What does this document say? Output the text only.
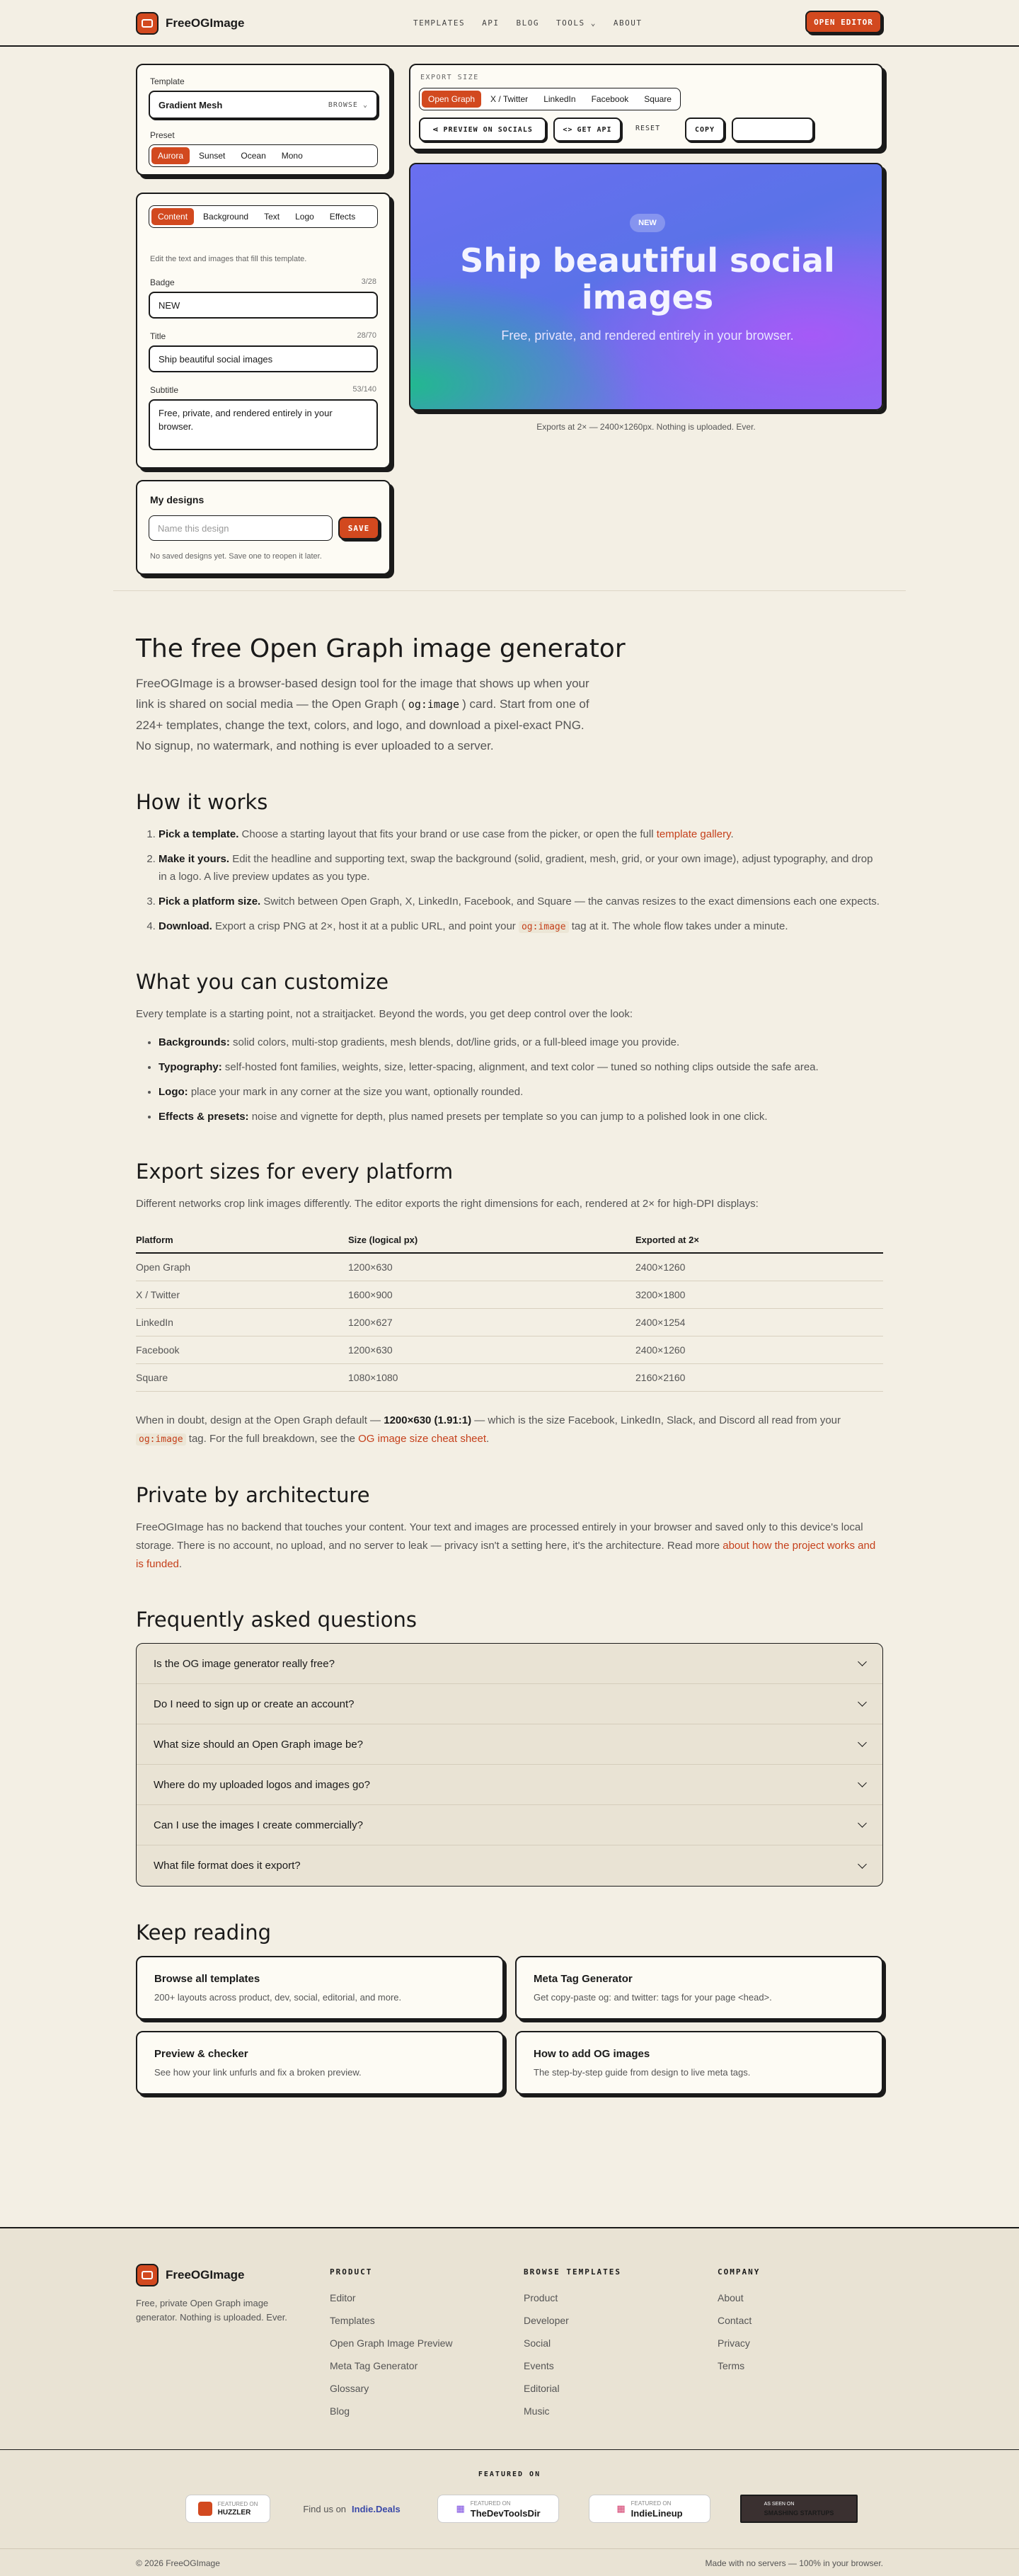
FreeOGImage	TEMPLATES API BLOG TOOLS ⌄ ABOUT	OPEN EDITOR
Template
Gradient Mesh	BROWSE ⌄
Preset
Aurora	Sunset	Ocean	Mono
Content	Background	Text	Logo	Effects
Edit the text and images that fill this template.
Badge	3/28
NEW
Title	28/70
Ship beautiful social images
Subtitle	53/140
Free, private, and rendered entirely in your browser.
My designs
Name this design	SAVE
No saved designs yet. Save one to reopen it later.
EXPORT SIZE
Open Graph	X / Twitter	LinkedIn	Facebook	Square
⋖ PREVIEW ON SOCIALS	<> GET API	RESET	COPY	DOWNLOAD PNG
NEW
Ship beautiful social images

Free, private, and rendered entirely in your browser.

Exports at 2× — 2400×1260px. Nothing is uploaded. Ever.
The free Open Graph image generator

FreeOGImage is a browser-based design tool for the image that shows up when your link is shared on social media — the Open Graph ( og:image ) card. Start from one of 224+ templates, change the text, colors, and logo, and download a pixel-exact PNG. No signup, no watermark, and nothing is ever uploaded to a server.

How it works
1. Pick a template. Choose a starting layout that fits your brand or use case from the picker, or open the full template gallery.
2. Make it yours. Edit the headline and supporting text, swap the background (solid, gradient, mesh, grid, or your own image), adjust typography, and drop in a logo. A live preview updates as you type.
3. Pick a platform size. Switch between Open Graph, X, LinkedIn, Facebook, and Square — the canvas resizes to the exact dimensions each one expects.
4. Download. Export a crisp PNG at 2×, host it at a public URL, and point your og:image tag at it. The whole flow takes under a minute.
What you can customize

Every template is a starting point, not a straitjacket. Beyond the words, you get deep control over the look:

• Backgrounds: solid colors, multi-stop gradients, mesh blends, dot/line grids, or a full-bleed image you provide.
• Typography: self-hosted font families, weights, size, letter-spacing, alignment, and text color — tuned so nothing clips outside the safe area.
• Logo: place your mark in any corner at the size you want, optionally rounded.
• Effects & presets: noise and vignette for depth, plus named presets per template so you can jump to a polished look in one click.
Export sizes for every platform

Different networks crop link images differently. The editor exports the right dimensions for each, rendered at 2× for high-DPI displays:

Platform	Size (logical px)	Exported at 2×
Open Graph	1200×630	2400×1260
X / Twitter	1600×900	3200×1800
LinkedIn	1200×627	2400×1254
Facebook	1200×630	2400×1260
Square	1080×1080	2160×2160

When in doubt, design at the Open Graph default — 1200×630 (1.91:1) — which is the size Facebook, LinkedIn, Slack, and Discord all read from your og:image tag. For the full breakdown, see the OG image size cheat sheet.

Private by architecture

FreeOGImage has no backend that touches your content. Your text and images are processed entirely in your browser and saved only to this device's local storage. There is no account, no upload, and no server to leak — privacy isn't a setting here, it's the architecture. Read more about how the project works and is funded.

Frequently asked questions
Is the OG image generator really free?
Do I need to sign up or create an account?
What size should an Open Graph image be?
Where do my uploaded logos and images go?
Can I use the images I create commercially?
What file format does it export?
Keep reading
Browse all templates
200+ layouts across product, dev, social, editorial, and more.
Meta Tag Generator
Get copy-paste og: and twitter: tags for your page <head>.
Preview & checker
See how your link unfurls and fix a broken preview.
How to add OG images
The step-by-step guide from design to live meta tags.
FreeOGImage

Free, private Open Graph image generator. Nothing is uploaded. Ever.

PRODUCT
Editor
Templates
Open Graph Image Preview
Meta Tag Generator
Glossary
Blog
BROWSE TEMPLATES
Product
Developer
Social
Events
Editorial
Music
COMPANY
About
Contact
Privacy
Terms
FEATURED ON
FEATURED ON
HUZZLER	Find us on Indie.Deals	▦ FEATURED ON
TheDevToolsDir	▦ FEATURED ON
IndieLineup
AS SEEN ON
SMASHING STARTUPS
© 2026 FreeOGImage	Made with no servers — 100% in your browser.
